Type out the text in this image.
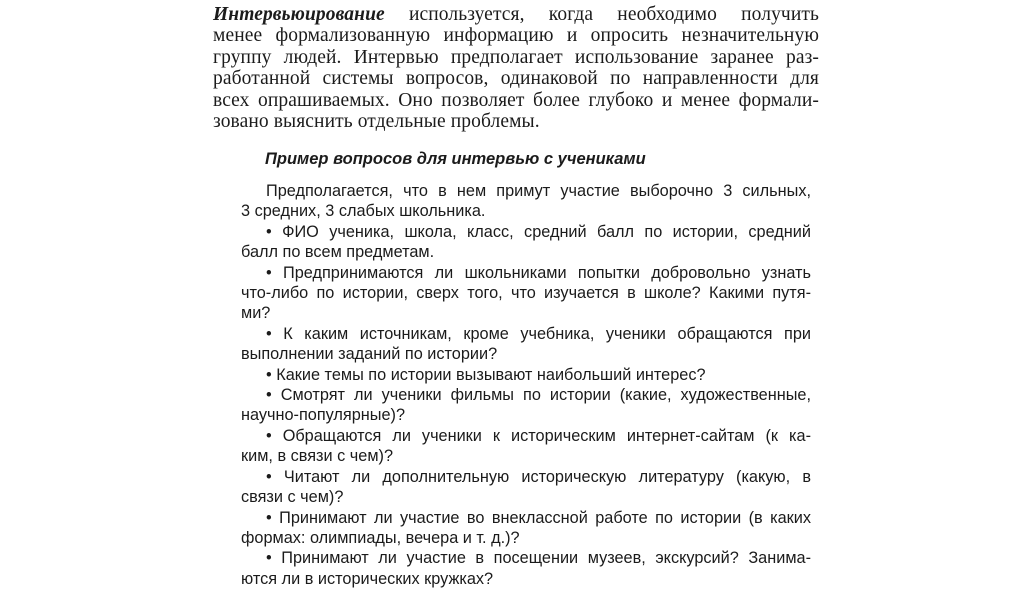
Интервьюирование используется, когда необходимо получить
менее формализованную информацию и опросить незначительную
группу людей. Интервью предполагает использование заранее раз-
работанной системы вопросов, одинаковой по направленности для
всех опрашиваемых. Оно позволяет более глубоко и менее формали-
зовано выяснить отдельные проблемы.
Пример вопросов для интервью с учениками
Предполагается, что в нем примут участие выборочно 3 сильных,
3 средних, 3 слабых школьника.
• ФИО ученика, школа, класс, средний балл по истории, средний
балл по всем предметам.
• Предпринимаются ли школьниками попытки добровольно узнать
что-либо по истории, сверх того, что изучается в школе? Какими путя-
ми?
• К каким источникам, кроме учебника, ученики обращаются при
выполнении заданий по истории?
• Какие темы по истории вызывают наибольший интерес?
• Смотрят ли ученики фильмы по истории (какие, художественные,
научно-популярные)?
• Обращаются ли ученики к историческим интернет-сайтам (к ка-
ким, в связи с чем)?
• Читают ли дополнительную историческую литературу (какую, в
связи с чем)?
• Принимают ли участие во внеклассной работе по истории (в каких
формах: олимпиады, вечера и т. д.)?
• Принимают ли участие в посещении музеев, экскурсий? Занима-
ются ли в исторических кружках?
